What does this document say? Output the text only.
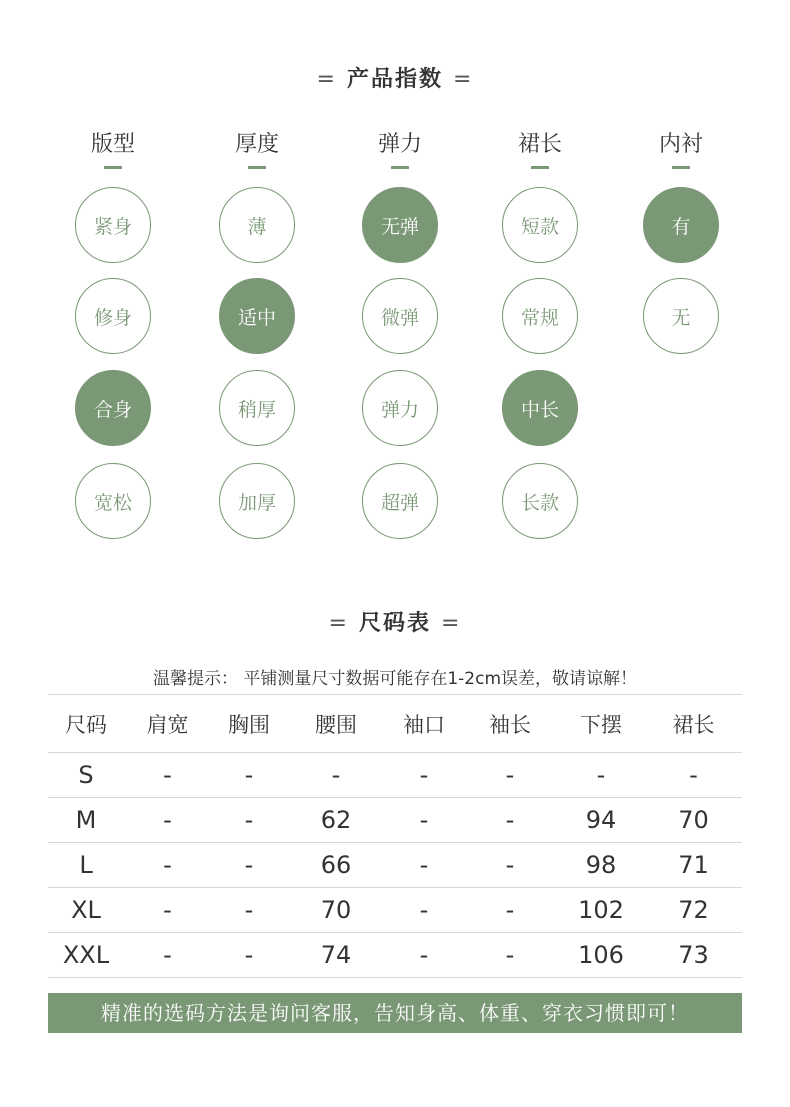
= 产品指数 =
版型
紧身
修身
合身
宽松
厚度
薄
适中
稍厚
加厚
弹力
无弹
微弹
弹力
超弹
裙长
短款
常规
中长
长款
内衬
有
无
= 尺码表 =
温馨提示： 平铺测量尺寸数据可能存在1-2cm误差，敬请谅解！
尺码	肩宽	胸围	腰围	袖口	袖长	下摆	裙长
S	-	-	-	-	-	-	-
M	-	-	62	-	-	94	70
L	-	-	66	-	-	98	71
XL	-	-	70	-	-	102	72
XXL	-	-	74	-	-	106	73
精准的选码方法是询问客服，告知身高、体重、穿衣习惯即可！
